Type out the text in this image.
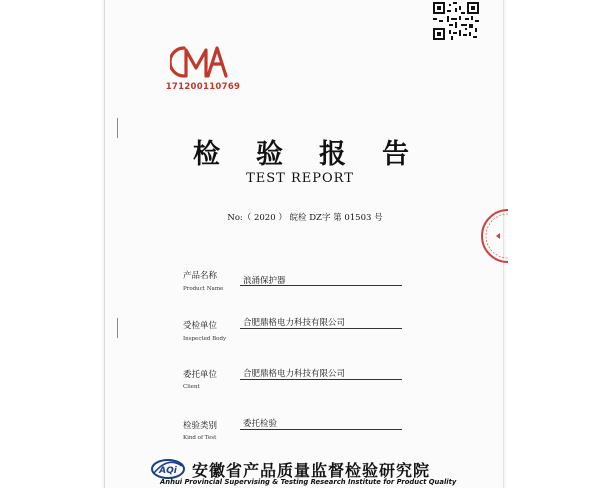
171200110769
检验报告
TEST REPORT
No:（ 2020 ） 皖检 DZ字 第 01503 号
产品名称
Product Name
浪涌保护器
受检单位
Inspected Body
合肥鼎格电力科技有限公司
委托单位
Client
合肥鼎格电力科技有限公司
检验类别
Kind of Test
委托检验
AQi 安徽省产品质量监督检验研究院
Anhui Provincial Supervising & Testing Research Institute for Product Quality
